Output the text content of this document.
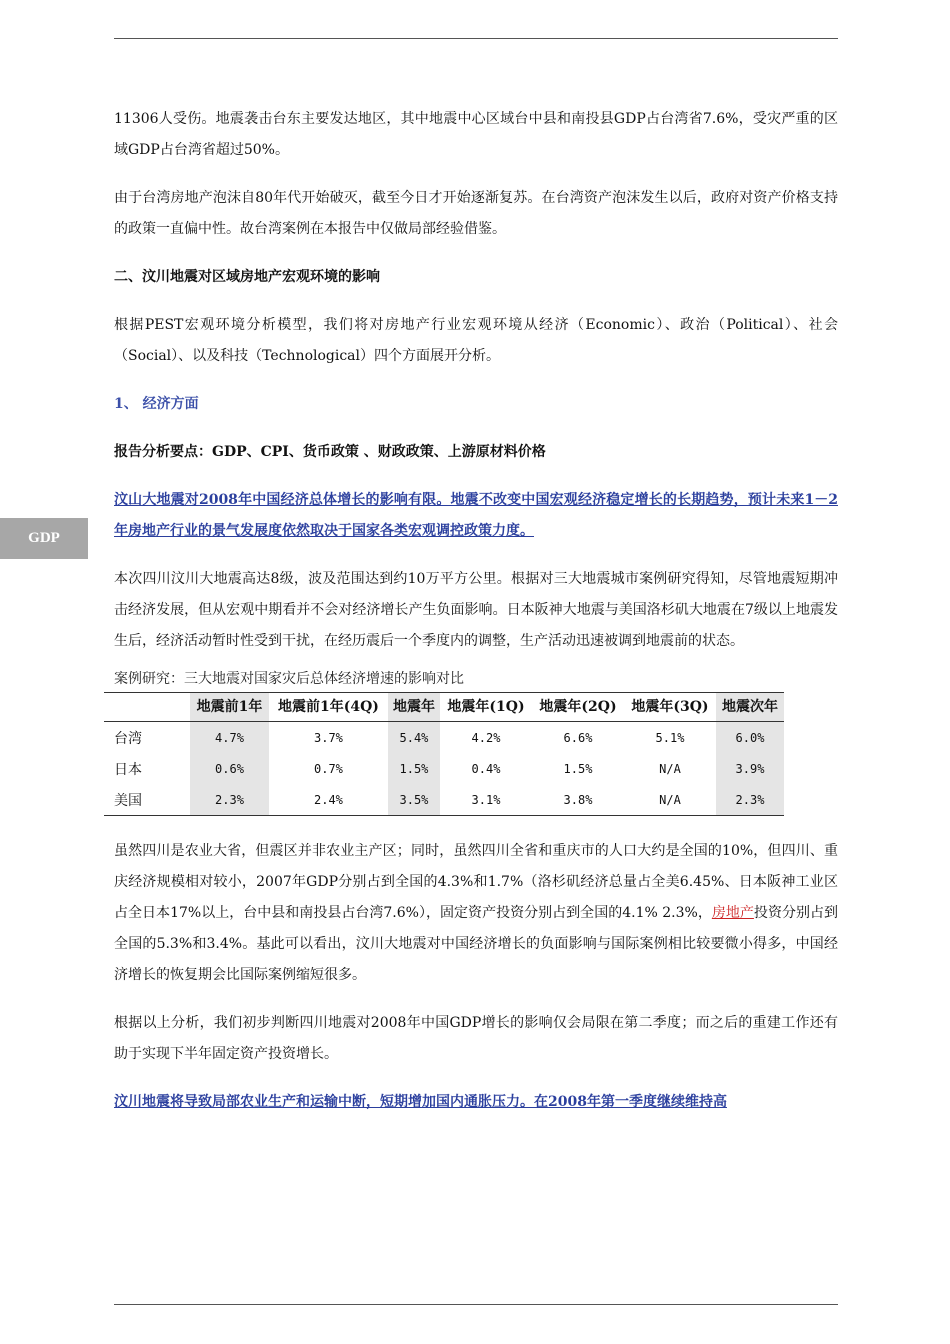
GDP

11306人受伤。地震袭击台东主要发达地区，其中地震中心区域台中县和南投县GDP占台湾省7.6%，受灾严重的区域GDP占台湾省超过50%。

由于台湾房地产泡沫自80年代开始破灭，截至今日才开始逐渐复苏。在台湾资产泡沫发生以后，政府对资产价格支持的政策一直偏中性。故台湾案例在本报告中仅做局部经验借鉴。

二、汶川地震对区域房地产宏观环境的影响

根据PEST宏观环境分析模型，我们将对房地产行业宏观环境从经济（Economic）、政治（Political）、社会（Social）、以及科技（Technological）四个方面展开分析。

1、 经济方面

报告分析要点：GDP、CPI、货币政策 、财政政策、上游原材料价格

汶山大地震对2008年中国经济总体增长的影响有限。地震不改变中国宏观经济稳定增长的长期趋势，预计未来1－2年房地产行业的景气发展度依然取决于国家各类宏观调控政策力度。

本次四川汶川大地震高达8级，波及范围达到约10万平方公里。根据对三大地震城市案例研究得知，尽管地震短期冲击经济发展，但从宏观中期看并不会对经济增长产生负面影响。日本阪神大地震与美国洛杉矶大地震在7级以上地震发生后，经济活动暂时性受到干扰，在经历震后一个季度内的调整，生产活动迅速被调到地震前的状态。

案例研究：三大地震对国家灾后总体经济增速的影响对比
	地震前1年	地震前1年(4Q)	地震年	地震年(1Q)	地震年(2Q)	地震年(3Q)	地震次年
台湾	4.7%	3.7%	5.4%	4.2%	6.6%	5.1%	6.0%
日本	0.6%	0.7%	1.5%	0.4%	1.5%	N/A	3.9%
美国	2.3%	2.4%	3.5%	3.1%	3.8%	N/A	2.3%

虽然四川是农业大省，但震区并非农业主产区；同时，虽然四川全省和重庆市的人口大约是全国的10%，但四川、重庆经济规模相对较小，2007年GDP分别占到全国的4.3%和1.7%（洛杉矶经济总量占全美6.45%、日本阪神工业区占全日本17%以上，台中县和南投县占台湾7.6%），固定资产投资分别占到全国的4.1% 2.3%，房地产投资分别占到全国的5.3%和3.4%。基此可以看出，汶川大地震对中国经济增长的负面影响与国际案例相比较要微小得多，中国经济增长的恢复期会比国际案例缩短很多。

根据以上分析，我们初步判断四川地震对2008年中国GDP增长的影响仅会局限在第二季度；而之后的重建工作还有助于实现下半年固定资产投资增长。

汶川地震将导致局部农业生产和运输中断，短期增加国内通胀压力。在2008年第一季度继续维持高
